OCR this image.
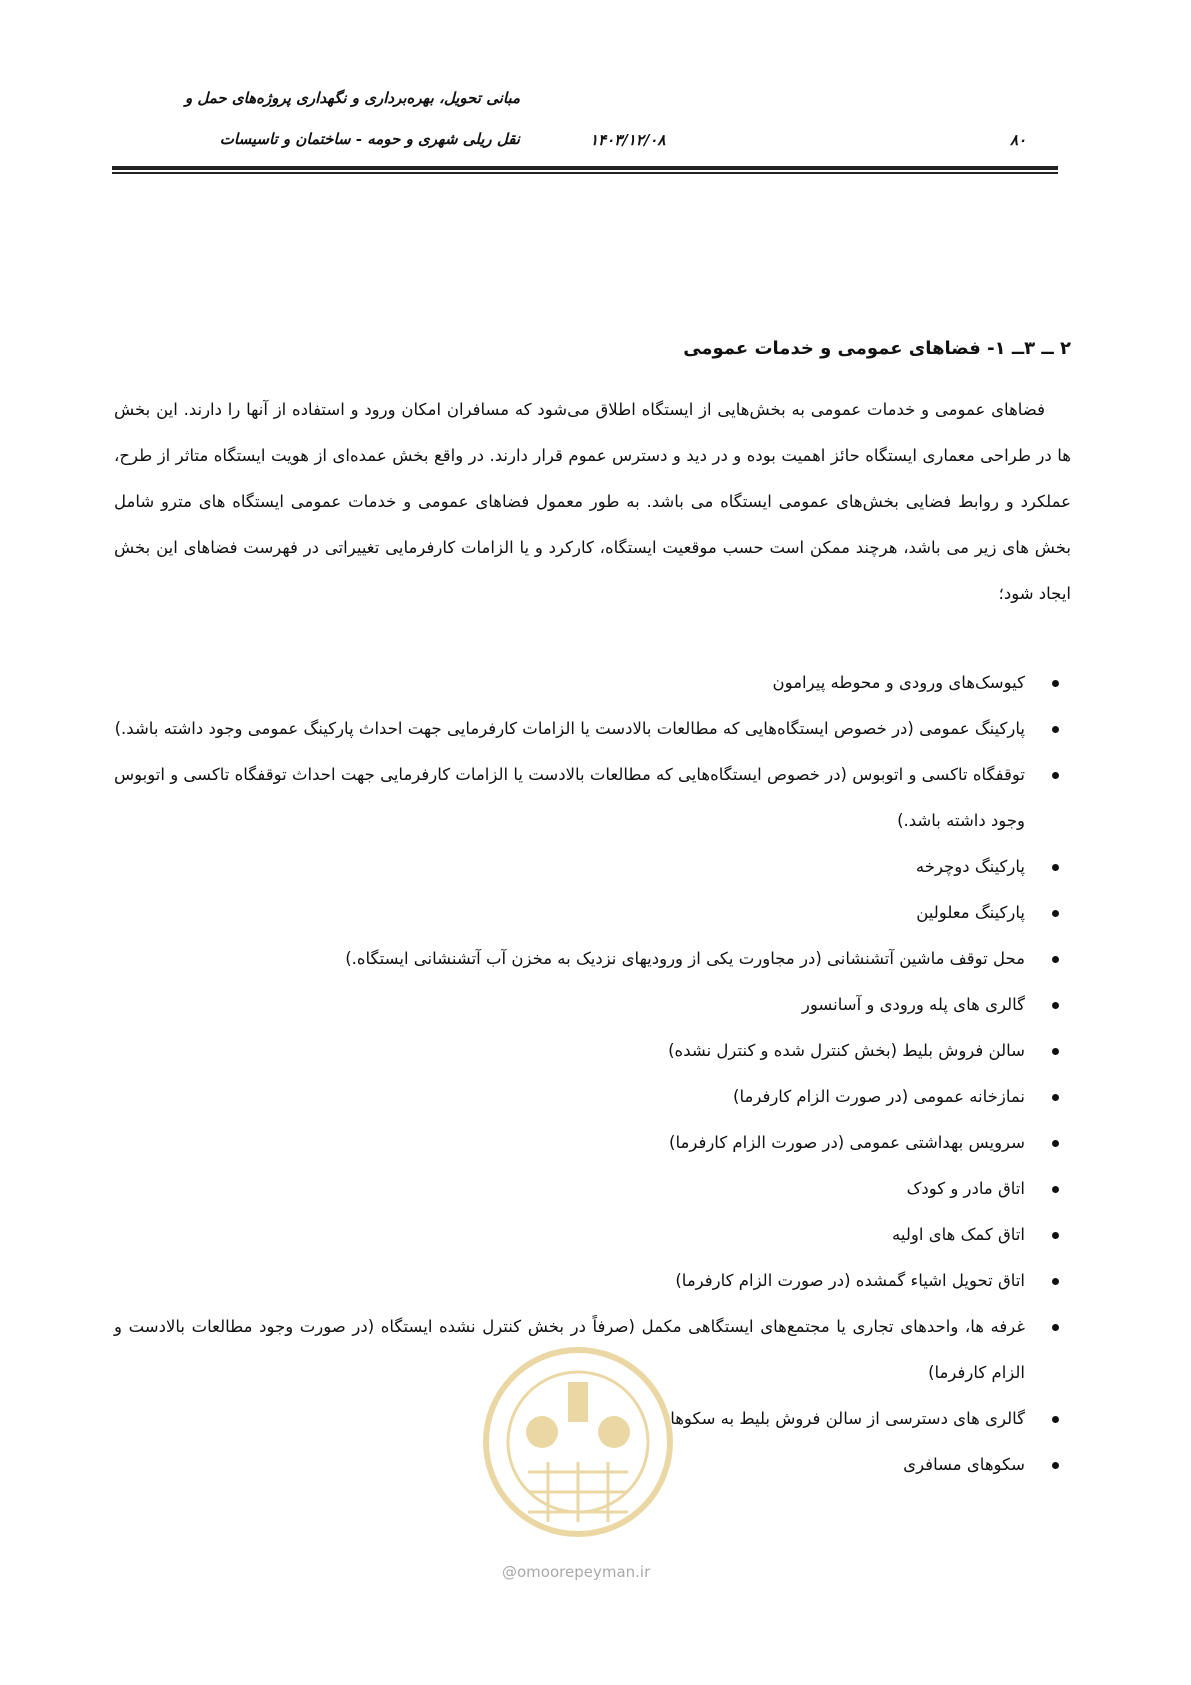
مبانی تحویل، بهره‌برداری و نگهداری پروژه‌های حمل و
نقل ریلی شهری و حومه - ساختمان و تاسیسات	۱۴۰۳/۱۲/۰۸	۸۰
۲ ــ ۳ــ ۱- فضاهای عمومی و خدمات عمومی

فضاهای عمومی و خدمات عمومی به بخش‌هایی از ایستگاه اطلاق می‌شود که مسافران امکان ورود و استفاده از آنها را دارند. این بخش ها در طراحی معماری ایستگاه حائز اهمیت بوده و در دید و دسترس عموم قرار دارند. در واقع بخش عمده‌ای از هویت ایستگاه متاثر از طرح، عملکرد و روابط فضایی بخش‌های عمومی ایستگاه می باشد. به طور معمول فضاهای عمومی و خدمات عمومی ایستگاه های مترو شامل بخش های زیر می باشد، هرچند ممکن است حسب موقعیت ایستگاه، کارکرد و یا الزامات کارفرمایی تغییراتی در فهرست فضاهای این بخش ایجاد شود؛

کیوسک‌های ورودی و محوطه پیرامون
پارکینگ عمومی (در خصوص ایستگاه‌هایی که مطالعات بالادست یا الزامات کارفرمایی جهت احداث پارکینگ عمومی وجود داشته باشد.)
توقفگاه تاکسی و اتوبوس (در خصوص ایستگاه‌هایی که مطالعات بالادست یا الزامات کارفرمایی جهت احداث توقفگاه تاکسی و اتوبوس وجود داشته باشد.)
پارکینگ دوچرخه
پارکینگ معلولین
محل توقف ماشین آتشنشانی (در مجاورت یکی از ورودیهای نزدیک به مخزن آب آتشنشانی ایستگاه.)
گالری های پله ورودی و آسانسور
سالن فروش بلیط (بخش کنترل شده و کنترل نشده)
نمازخانه عمومی (در صورت الزام کارفرما)
سرویس بهداشتی عمومی (در صورت الزام کارفرما)
اتاق مادر و کودک
اتاق کمک های اولیه
اتاق تحویل اشیاء گمشده (در صورت الزام کارفرما)
غرفه ها، واحدهای تجاری یا مجتمع‌های ایستگاهی مکمل (صرفاً در بخش کنترل نشده ایستگاه (در صورت وجود مطالعات بالادست و الزام کارفرما)
گالری های دسترسی از سالن فروش بلیط به سکوها
سکوهای مسافری
@omoorepeyman.ir
